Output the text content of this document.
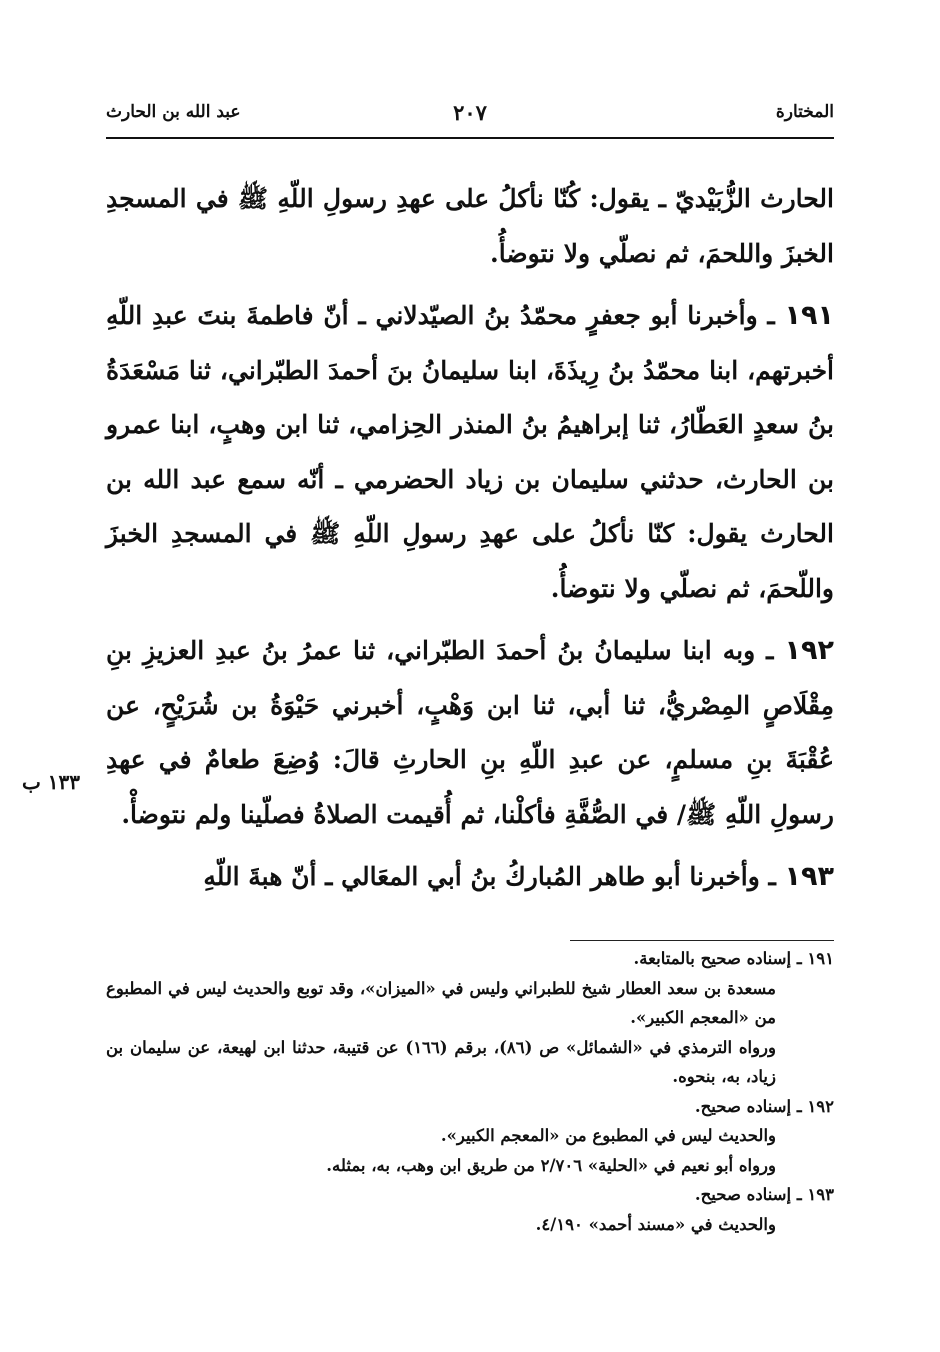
المختارة
٢٠٧
عبد الله بن الحارث

الحارث الزُّبَيْديّ ـ يقول: كُنّا نأكلُ على عهدِ رسولِ اللّهِ ﷺ في المسجدِ الخبزَ واللحمَ، ثم نصلّي ولا نتوضأُ.

١٩١ ـ وأخبرنا أبو جعفرٍ محمّدُ بنُ الصيّدلاني ـ أنّ فاطمةَ بنتَ عبدِ اللّهِ أخبرتهم، ابنا محمّدُ بنُ رِيذَةَ، ابنا سليمانُ بنَ أحمدَ الطبّراني، ثنا مَسْعَدَةُ بنُ سعدٍ العَطّارُ، ثنا إبراهيمُ بنُ المنذر الحِزامي، ثنا ابن وهبٍ، ابنا عمرو بن الحارث، حدثني سليمان بن زياد الحضرمي ـ أنّه سمع عبد الله بن الحارث يقول: كنّا نأكلُ على عهدِ رسولِ اللّهِ ﷺ في المسجدِ الخبزَ واللّحمَ، ثم نصلّي ولا نتوضأُ.

١٩٢ ـ وبه ابنا سليمانُ بنُ أحمدَ الطبّراني، ثنا عمرُ بنُ عبدِ العزيزِ بنِ مِقْلَاصٍ المِصْريُّ، ثنا أبي، ثنا ابن وَهْبٍ، أخبرني حَيْوَةُ بن شُرَيْحٍ، عن عُقْبَةَ بنِ مسلمٍ، عن عبدِ اللّهِ بنِ الحارثِ قالَ: وُضِعَ طعامٌ في عهدِ رسولِ اللّهِ ﷺ/ في الصُّفَّةِ فأكلْنا، ثم أُقيمت الصلاةُ فصلّينا ولم نتوضأْ.

١٩٣ ـ وأخبرنا أبو طاهر المُباركُ بنُ أبي المعَالي ـ أنّ هبةَ اللّهِ

١٣٣ ب
١٩١ ـ إسناده صحيح بالمتابعة.
مسعدة بن سعد العطار شيخ للطبراني وليس في «الميزان»، وقد توبع والحديث ليس في المطبوع من «المعجم الكبير».
ورواه الترمذي في «الشمائل» ص (٨٦)، برقم (١٦٦) عن قتيبة، حدثنا ابن لهيعة، عن سليمان بن زياد، به، بنحوه.
١٩٢ ـ إسناده صحيح.
والحديث ليس في المطبوع من «المعجم الكبير».
ورواه أبو نعيم في «الحلية» ٢/٧٠٦ من طريق ابن وهب، به، بمثله.
١٩٣ ـ إسناده صحيح.
والحديث في «مسند أحمد» ٤/١٩٠.
